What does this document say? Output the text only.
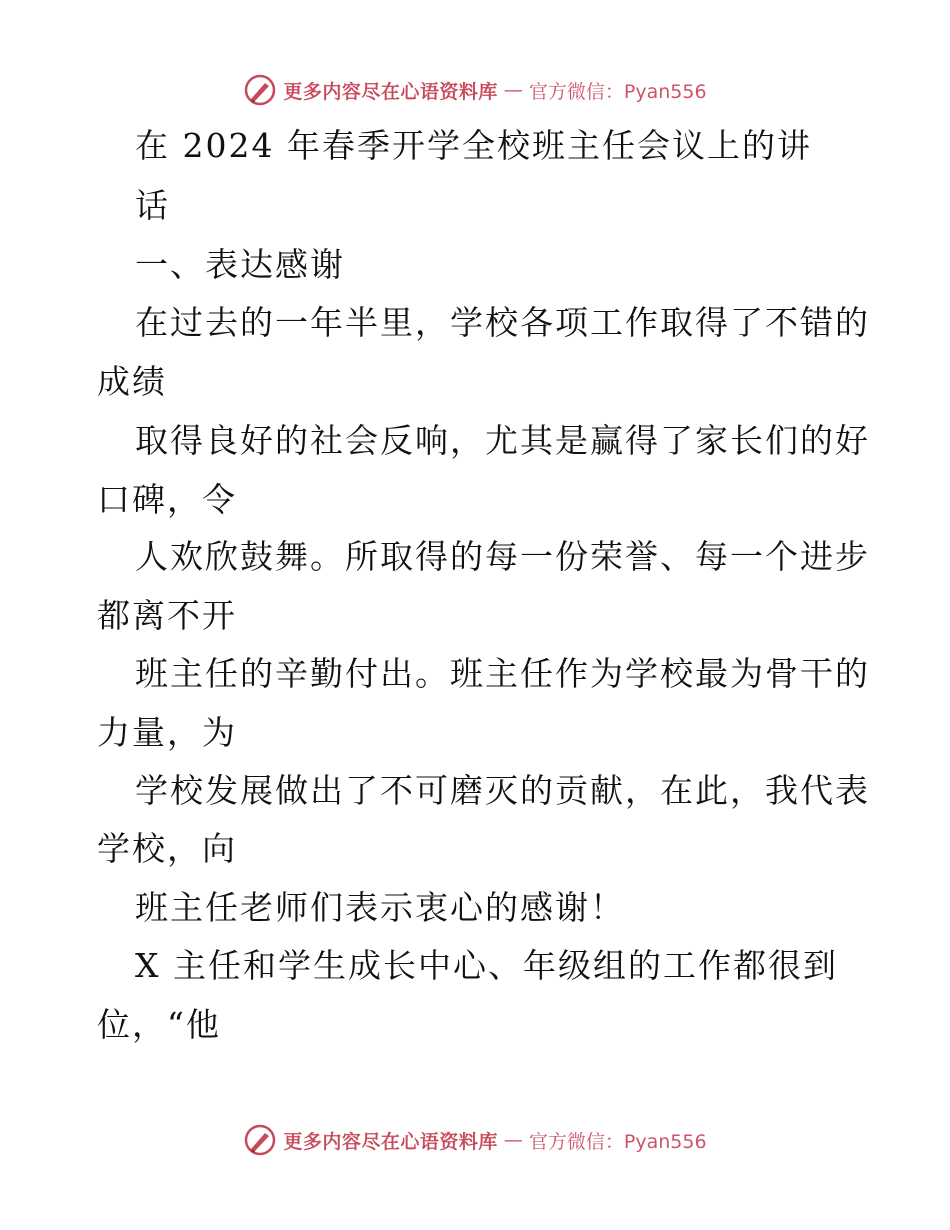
更多内容尽在心语资料库 — 官方微信：Pyan556
在 2024 年春季开学全校班主任会议上的讲
话
一、表达感谢
在过去的一年半里，学校各项工作取得了不错的
成绩
取得良好的社会反响，尤其是赢得了家长们的好
口碑，令
人欢欣鼓舞。所取得的每一份荣誉、每一个进步
都离不开
班主任的辛勤付出。班主任作为学校最为骨干的
力量，为
学校发展做出了不可磨灭的贡献，在此，我代表
学校，向
班主任老师们表示衷心的感谢！
X 主任和学生成长中心、年级组的工作都很到
位，“他
更多内容尽在心语资料库 — 官方微信：Pyan556
